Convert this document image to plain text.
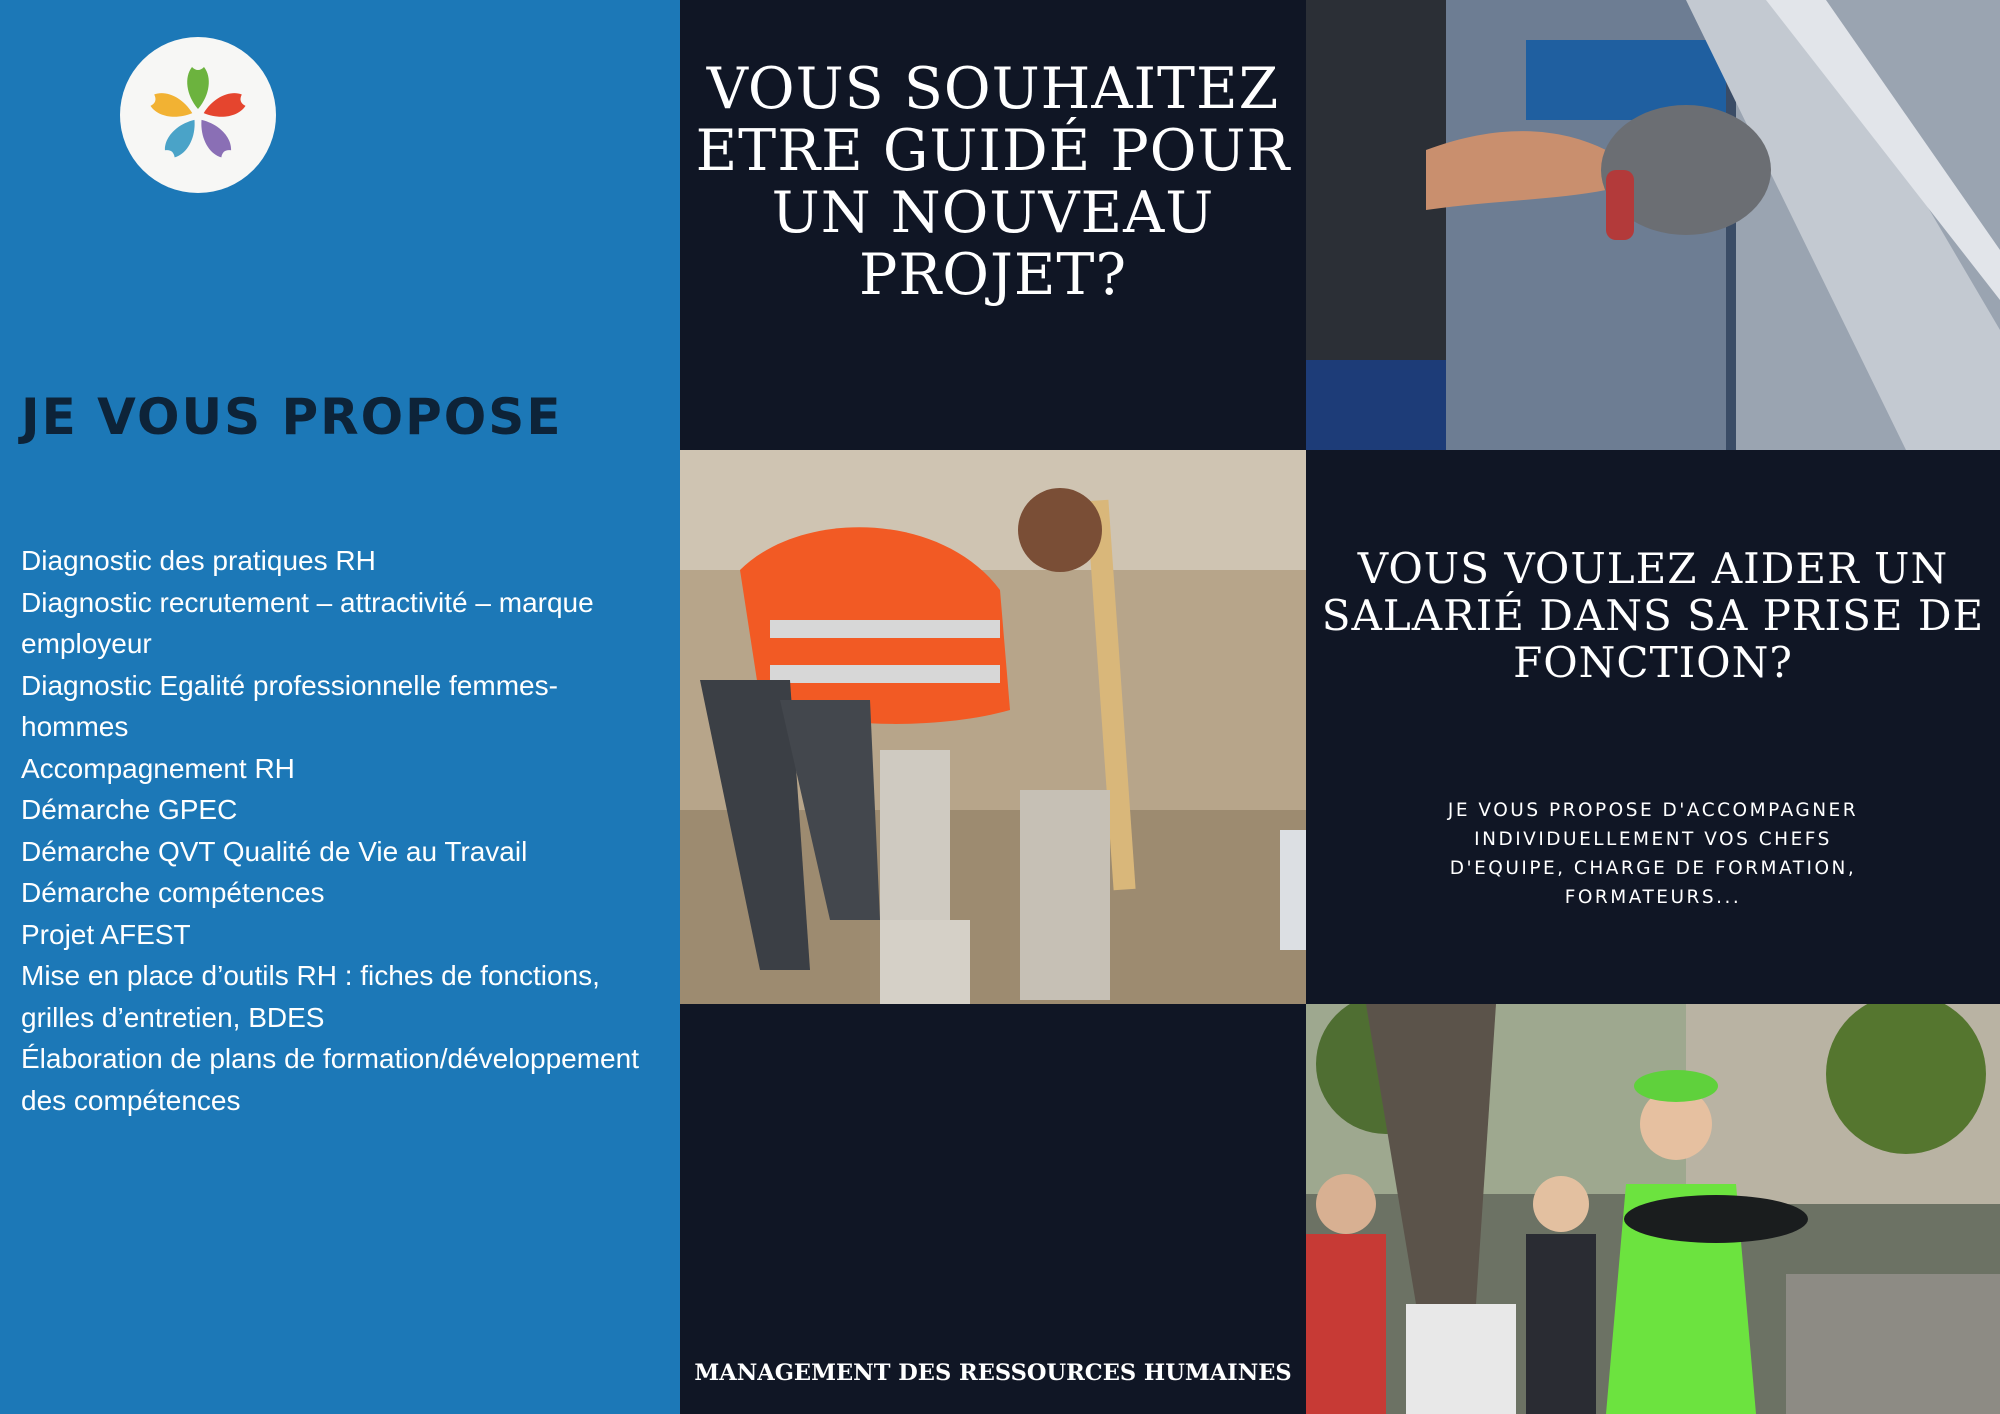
JE VOUS PROPOSE
Diagnostic des pratiques RH
Diagnostic recrutement – attractivité – marque employeur
Diagnostic Egalité professionnelle femmes-hommes
Accompagnement RH
Démarche GPEC
Démarche QVT Qualité de Vie au Travail
Démarche compétences
Projet AFEST
Mise en place d’outils RH : fiches de fonctions, grilles d’entretien, BDES
Élaboration de plans de formation/développement des compétences
VOUS SOUHAITEZ ETRE GUIDÉ POUR UN NOUVEAU PROJET?
VOUS VOULEZ AIDER UN SALARIÉ DANS SA PRISE DE FONCTION?

JE VOUS PROPOSE D'ACCOMPAGNER INDIVIDUELLEMENT VOS CHEFS D'EQUIPE, CHARGE DE FORMATION, FORMATEURS...

MANAGEMENT DES RESSOURCES HUMAINES
